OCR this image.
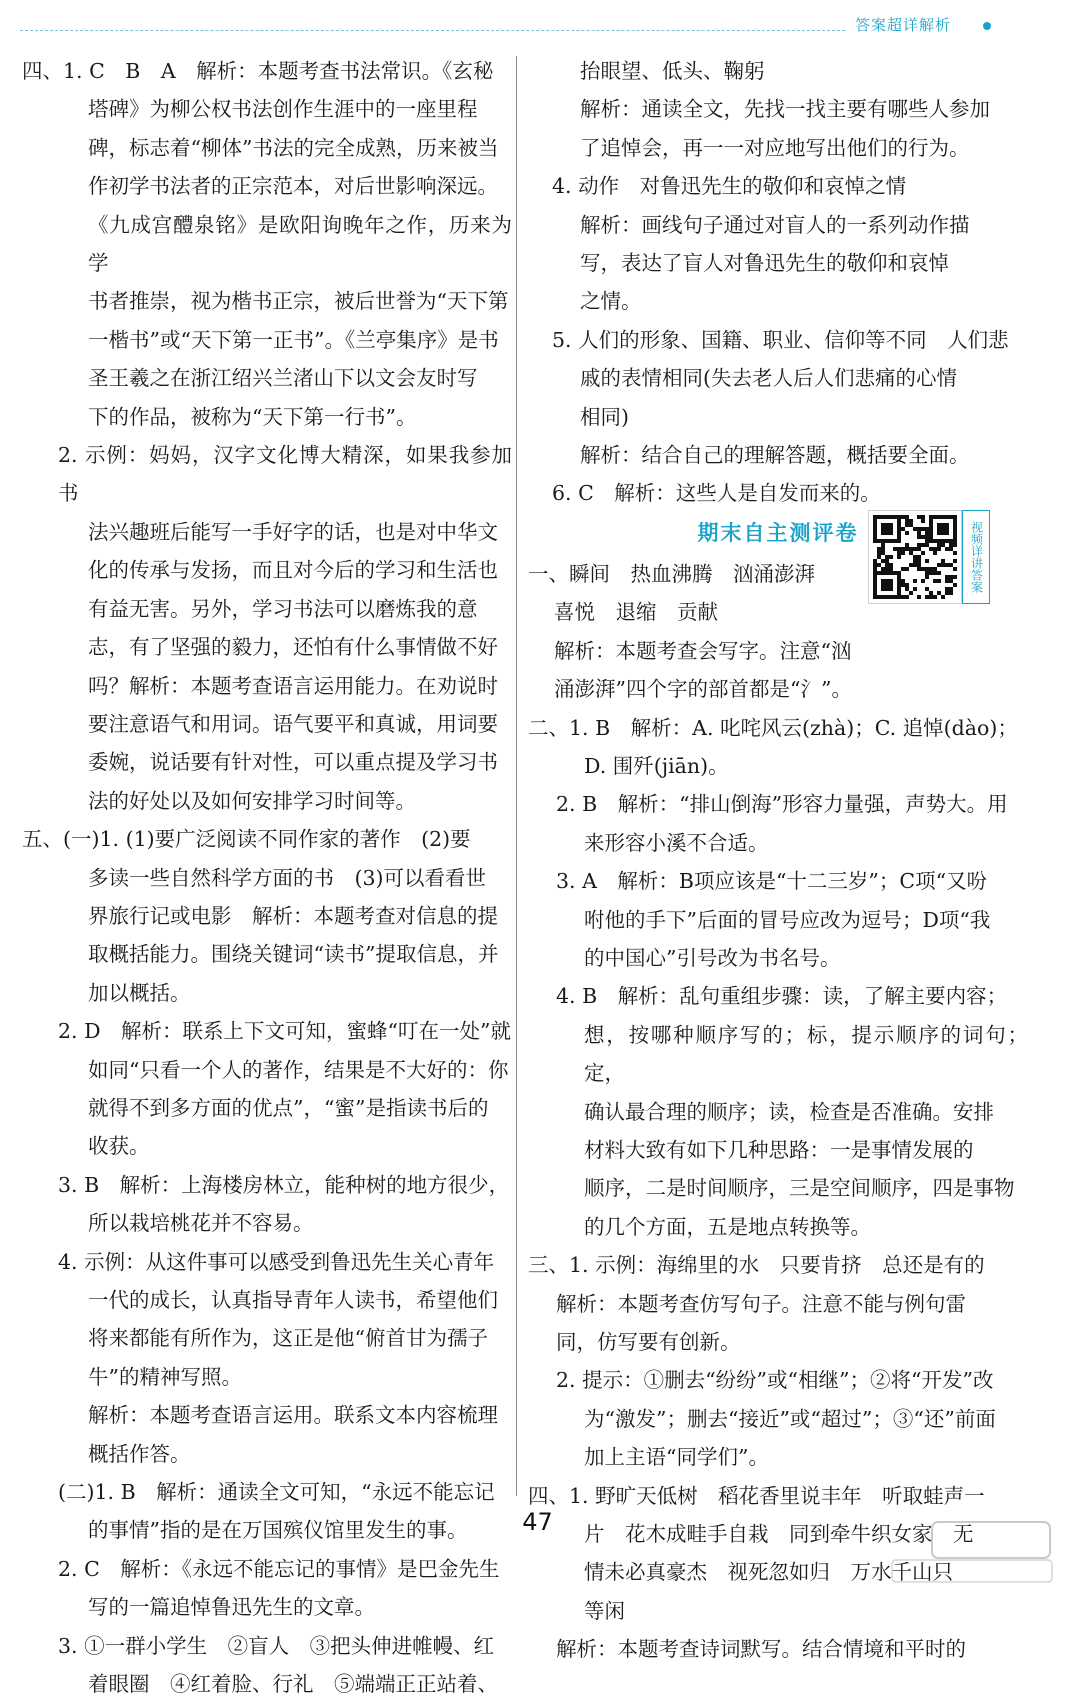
答案超详解析
四、1. C　B　A　解析：本题考查书法常识。《玄秘
塔碑》为柳公权书法创作生涯中的一座里程
碑，标志着“柳体”书法的完全成熟，历来被当
作初学书法者的正宗范本，对后世影响深远。
《九成宫醴泉铭》是欧阳询晚年之作，历来为学
书者推崇，视为楷书正宗，被后世誉为“天下第
一楷书”或“天下第一正书”。《兰亭集序》是书
圣王羲之在浙江绍兴兰渚山下以文会友时写
下的作品，被称为“天下第一行书”。
2. 示例：妈妈，汉字文化博大精深，如果我参加书
法兴趣班后能写一手好字的话，也是对中华文
化的传承与发扬，而且对今后的学习和生活也
有益无害。另外，学习书法可以磨炼我的意
志，有了坚强的毅力，还怕有什么事情做不好
吗？解析：本题考查语言运用能力。在劝说时
要注意语气和用词。语气要平和真诚，用词要
委婉，说话要有针对性，可以重点提及学习书
法的好处以及如何安排学习时间等。
五、(一)1. (1)要广泛阅读不同作家的著作　(2)要
多读一些自然科学方面的书　(3)可以看看世
界旅行记或电影　解析：本题考查对信息的提
取概括能力。围绕关键词“读书”提取信息，并
加以概括。
2. D　解析：联系上下文可知，蜜蜂“叮在一处”就
如同“只看一个人的著作，结果是不大好的：你
就得不到多方面的优点”，“蜜”是指读书后的
收获。
3. B　解析：上海楼房林立，能种树的地方很少，
所以栽培桃花并不容易。
4. 示例：从这件事可以感受到鲁迅先生关心青年
一代的成长，认真指导青年人读书，希望他们
将来都能有所作为，这正是他“俯首甘为孺子
牛”的精神写照。
解析：本题考查语言运用。联系文本内容梳理
概括作答。
(二)1. B　解析：通读全文可知，“永远不能忘记
的事情”指的是在万国殡仪馆里发生的事。
2. C　解析：《永远不能忘记的事情》是巴金先生
写的一篇追悼鲁迅先生的文章。
3. ①一群小学生　②盲人　③把头伸进帷幔、红
着眼圈　④红着脸、行礼　⑤端端正正站着、
抬眼望、低头、鞠躬
解析：通读全文，先找一找主要有哪些人参加
了追悼会，再一一对应地写出他们的行为。
4. 动作　对鲁迅先生的敬仰和哀悼之情
解析：画线句子通过对盲人的一系列动作描
写，表达了盲人对鲁迅先生的敬仰和哀悼
之情。
5. 人们的形象、国籍、职业、信仰等不同　人们悲
戚的表情相同(失去老人后人们悲痛的心情
相同)
解析：结合自己的理解答题，概括要全面。
6. C　解析：这些人是自发而来的。
期末自主测评卷
一、瞬间　热血沸腾　汹涌澎湃
喜悦　退缩　贡献
解析：本题考查会写字。注意“汹
涌澎湃”四个字的部首都是“氵”。
二、1. B　解析：A. 叱咤风云(zhà)；C. 追悼(dào)；
D. 围歼(jiān)。
2. B　解析：“排山倒海”形容力量强，声势大。用
来形容小溪不合适。
3. A　解析：B项应该是“十二三岁”；C项“又吩
咐他的手下”后面的冒号应改为逗号；D项“我
的中国心”引号改为书名号。
4. B　解析：乱句重组步骤：读，了解主要内容；
想，按哪种顺序写的；标，提示顺序的词句；定，
确认最合理的顺序；读，检查是否准确。安排
材料大致有如下几种思路：一是事情发展的
顺序，二是时间顺序，三是空间顺序，四是事物
的几个方面，五是地点转换等。
三、1. 示例：海绵里的水　只要肯挤　总还是有的
解析：本题考查仿写句子。注意不能与例句雷
同，仿写要有创新。
2. 提示：①删去“纷纷”或“相继”；②将“开发”改
为“激发”；删去“接近”或“超过”；③“还”前面
加上主语“同学们”。
四、1. 野旷天低树　稻花香里说丰年　听取蛙声一
片　花木成畦手自栽　同到牵牛织女家　无
情未必真豪杰　视死忽如归　万水千山只
等闲
解析：本题考查诗词默写。结合情境和平时的
视频详讲答案
47
